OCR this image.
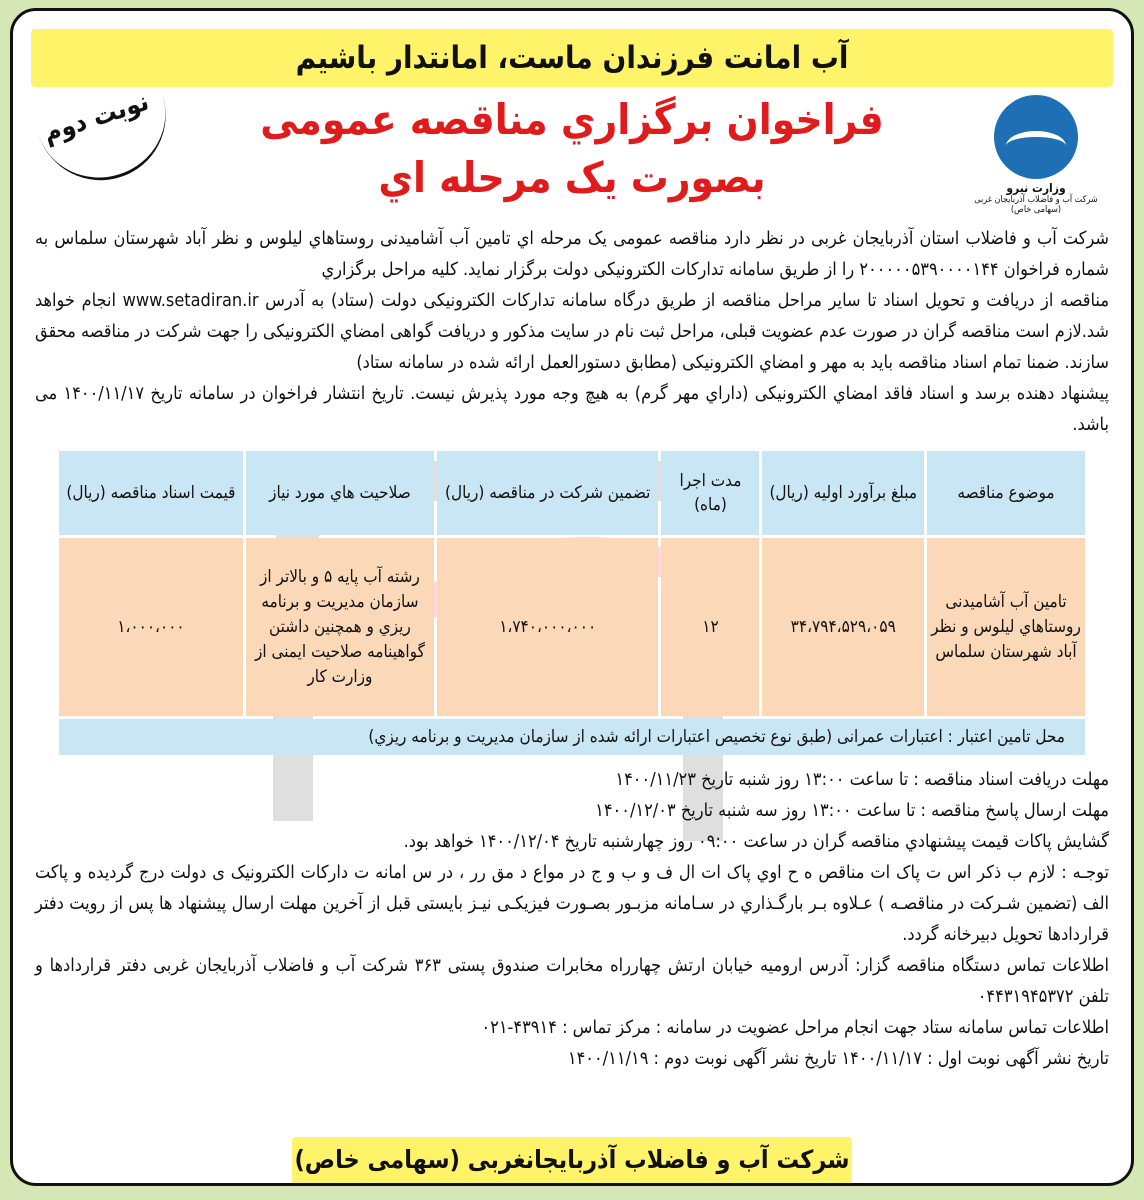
آب امانت فرزندان ماست، امانتدار باشيم
وزارت نیرو
شرکت آب و فاضلاب آذربایجان غربی (سهامی خاص)
نوبت دوم	فراخوان برگزاري مناقصه عمومی
بصورت يک مرحله اي

شرکت آب و فاضلاب استان آذربايجان غربی در نظر دارد مناقصه عمومی يک مرحله اي تامين آب آشاميدنی روستاهاي ليلوس و نظر آباد شهرستان سلماس به شماره فراخوان ۲۰۰۰۰۰۵۳۹۰۰۰۰۱۴۴ را از طريق سامانه تداركات الكترونيكی دولت برگزار نمايد. كليه مراحل برگزاري

مناقصه از دريافت و تحويل اسناد تا ساير مراحل مناقصه از طريق درگاه سامانه تداركات الكترونيكی دولت (ستاد) به آدرس www.setadiran.ir انجام خواهد شد.لازم است مناقصه گران در صورت عدم عضويت قبلی، مراحل ثبت نام در سايت مذكور و دريافت گواهی امضاي الكترونيكی را جهت شركت در مناقصه محقق سازند. ضمنا تمام اسناد مناقصه بايد به مهر و امضاي الكترونيكی (مطابق دستورالعمل ارائه شده در سامانه ستاد)

پيشنهاد دهنده برسد و اسناد فاقد امضاي الكترونيكی (داراي مهر گرم) به هيچ وجه مورد پذيرش نيست. تاريخ انتشار فراخوان در سامانه تاريخ ۱۴۰۰/۱۱/۱۷ می باشد.

موضوع مناقصه	مبلغ برآورد اوليه (ريال)	مدت اجرا (ماه)	تضمين شركت در مناقصه (ريال)	صلاحيت هاي مورد نياز	قيمت اسناد مناقصه (ريال)
تامين آب آشاميدنی روستاهاي ليلوس و نظر آباد شهرستان سلماس	۳۴،۷۹۴،۵۲۹،۰۵۹	۱۲	۱،۷۴۰،۰۰۰،۰۰۰	رشته آب پايه ۵ و بالاتر از سازمان مديريت و برنامه ريزي و همچنين داشتن گواهينامه صلاحيت ايمنی از وزارت كار	۱،۰۰۰،۰۰۰
محل تامين اعتبار : اعتبارات عمرانی (طبق نوع تخصيص اعتبارات ارائه شده از سازمان مديريت و برنامه ريزي)					

مهلت دريافت اسناد مناقصه : تا ساعت ۱۳:۰۰ روز شنبه تاريخ ۱۴۰۰/۱۱/۲۳

مهلت ارسال پاسخ مناقصه : تا ساعت ۱۳:۰۰ روز سه شنبه تاريخ ۱۴۰۰/۱۲/۰۳

گشايش پاكات قيمت پيشنهادي مناقصه گران در ساعت ۰۹:۰۰ روز چهارشنبه تاريخ ۱۴۰۰/۱۲/۰۴ خواهد بود.

توجـه : لازم ب ذكر اس ت پاک ات مناقص ه ح اوي پاک ات ال ف و ب و ج در مواع د مق رر ، در س امانه ت داركات الكترونيک ی دولت درج گرديده و پاكت الف (تضمين شـركت در مناقصـه ) عـلاوه بـر بارگـذاري در سـامانه مزبـور بصـورت فيزيكـی نيـز بايستی قبل از آخرين مهلت ارسال پيشنهاد ها پس از رويت دفتر قراردادها تحويل دبيرخانه گردد.

اطلاعات تماس دستگاه مناقصه گزار: آدرس اروميه خيابان ارتش چهارراه مخابرات صندوق پستی ۳۶۳ شركت آب و فاضلاب آذربايجان غربی دفتر قراردادها و تلفن ۰۴۴۳۱۹۴۵۳۷۲

اطلاعات تماس سامانه ستاد جهت انجام مراحل عضويت در سامانه : مركز تماس : ۴۳۹۱۴-۰۲۱

تاريخ نشر آگهی نوبت اول : ۱۴۰۰/۱۱/۱۷ تاريخ نشر آگهی نوبت دوم : ۱۴۰۰/۱۱/۱۹

شركت آب و فاضلاب آذربايجانغربی (سهامی خاص)
